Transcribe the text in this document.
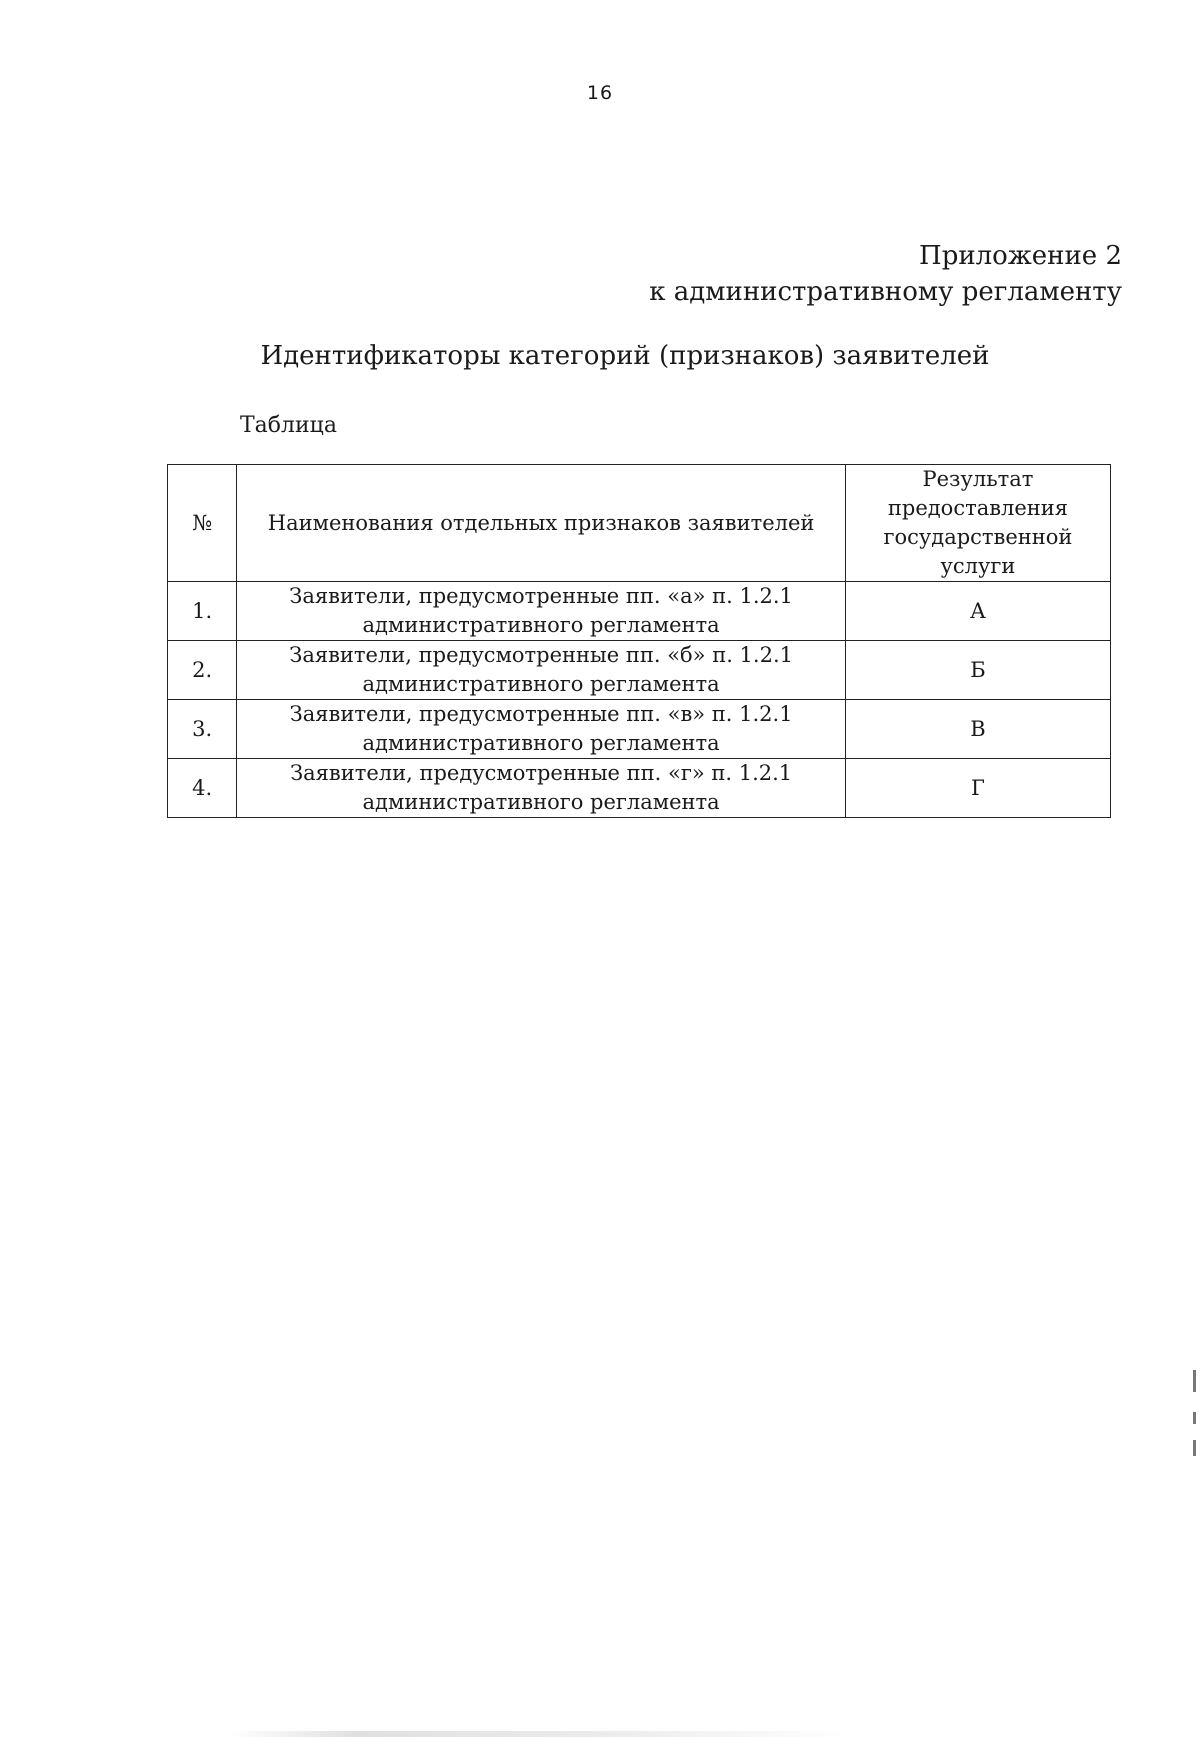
16
Приложение 2
к административному регламенту
Идентификаторы категорий (признаков) заявителей
Таблица
№	Наименования отдельных признаков заявителей	Результат предоставления государственной услуги
1.	Заявители, предусмотренные пп. «а» п. 1.2.1
административного регламента	А
2.	Заявители, предусмотренные пп. «б» п. 1.2.1
административного регламента	Б
3.	Заявители, предусмотренные пп. «в» п. 1.2.1
административного регламента	В
4.	Заявители, предусмотренные пп. «г» п. 1.2.1
административного регламента	Г
